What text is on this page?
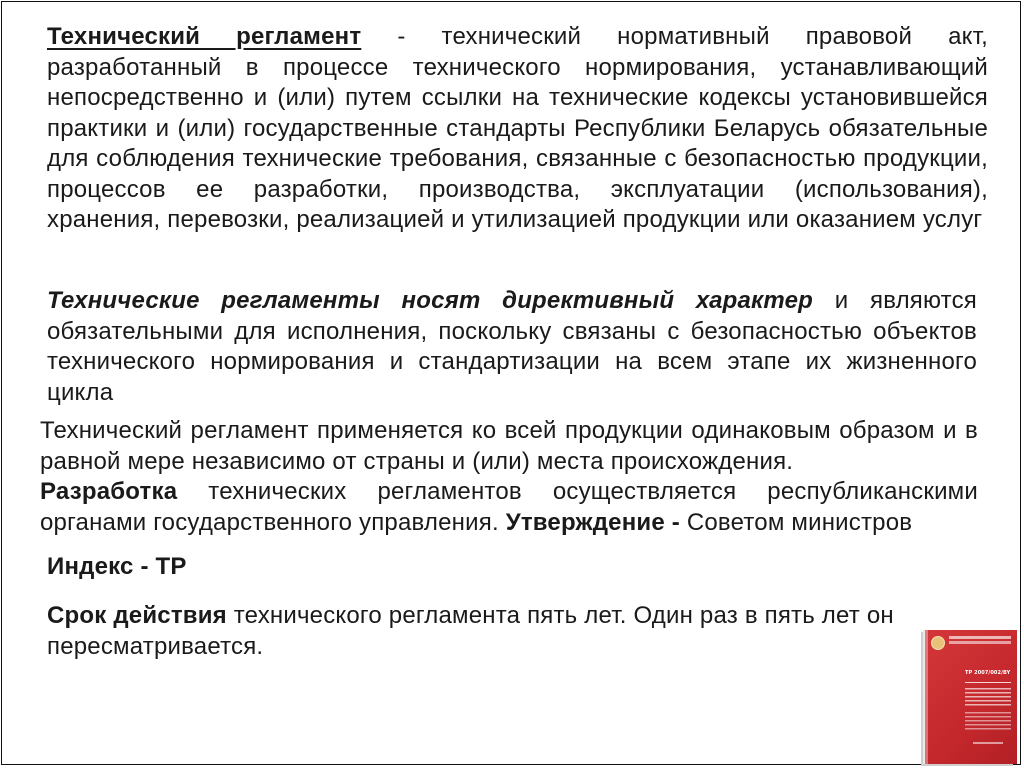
Технический регламент - технический нормативный правовой акт, разработанный в процессе технического нормирования, устанавливающий непосредственно и (или) путем ссылки на технические кодексы установившейся практики и (или) государственные стандарты Республики Беларусь обязательные для соблюдения технические требования, связанные с безопасностью продукции, процессов ее разработки, производства, эксплуатации (использования), хранения, перевозки, реализацией и утилизацией продукции или оказанием услуг
Технические регламенты носят директивный характер и являются обязательными для исполнения, поскольку связаны с безопасностью объектов технического нормирования и стандартизации на всем этапе их жизненного цикла
Технический регламент применяется ко всей продукции одинаковым образом и в равной мере независимо от страны и (или) места происхождения.
Разработка технических регламентов осуществляется республиканскими органами государственного управления. Утверждение - Советом министров
Индекс - ТР
Срок действия технического регламента пять лет. Один раз в пять лет он пересматривается.
ТР 2007/002/BY
